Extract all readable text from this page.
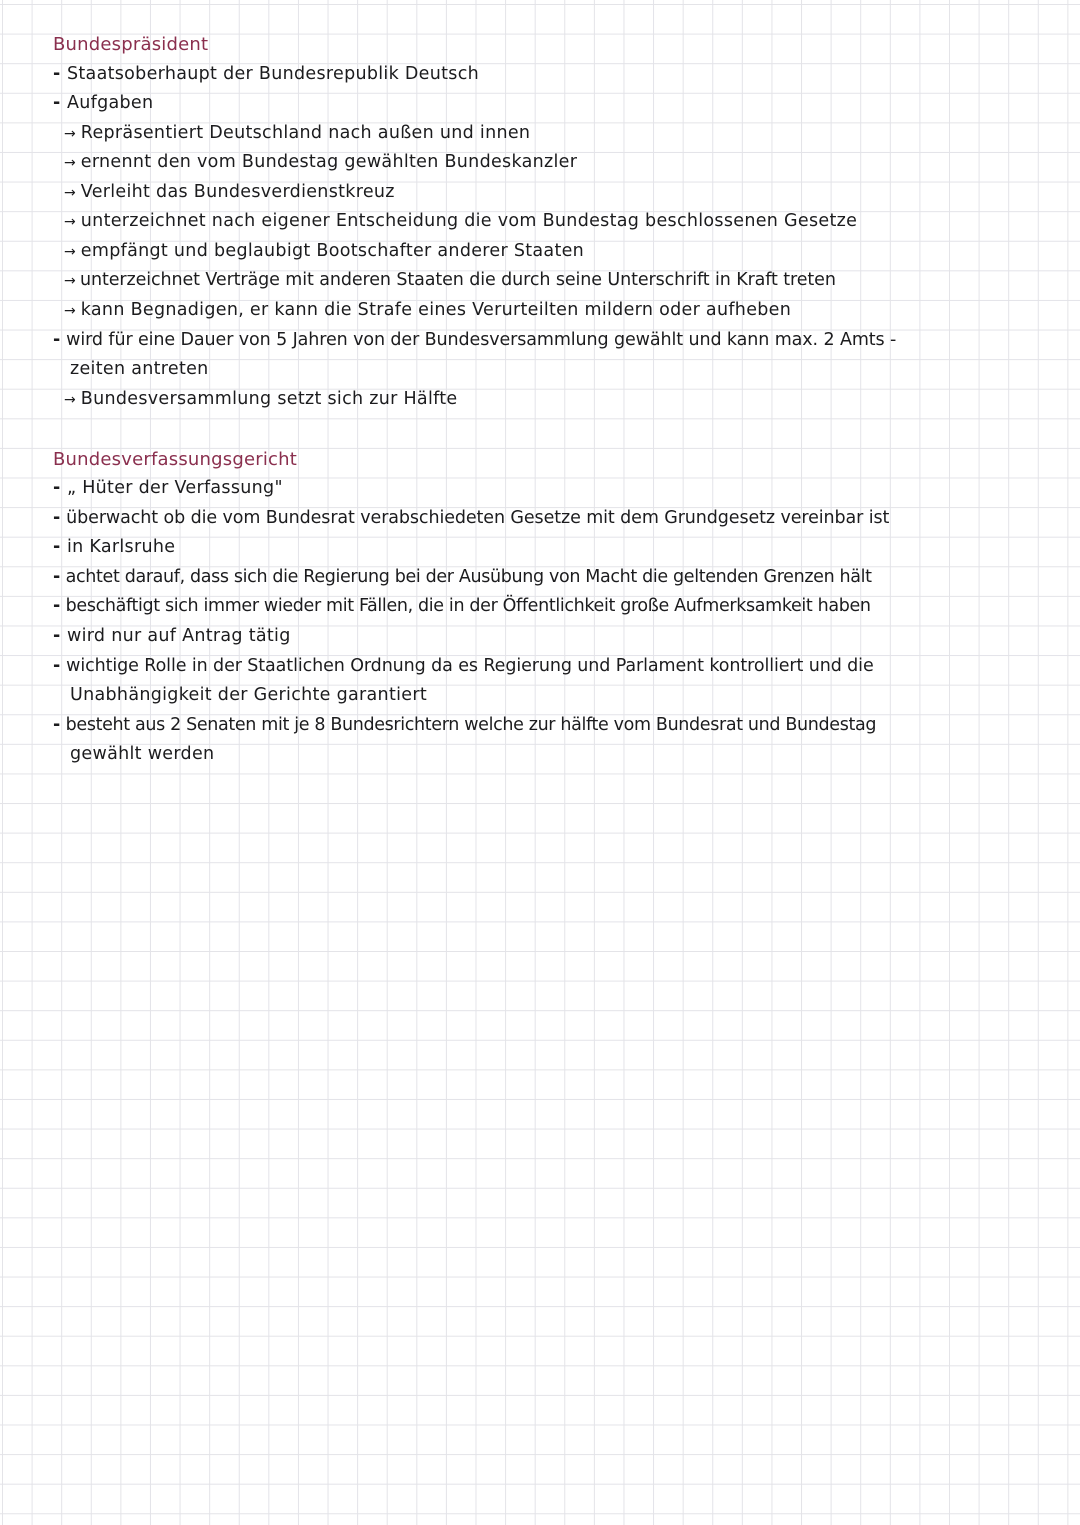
Bundespräsident
- Staatsoberhaupt der Bundesrepublik Deutsch
- Aufgaben
→ Repräsentiert Deutschland nach außen und innen
→ ernennt den vom Bundestag gewählten Bundeskanzler
→ Verleiht das Bundesverdienstkreuz
→ unterzeichnet nach eigener Entscheidung die vom Bundestag beschlossenen Gesetze
→ empfängt und beglaubigt Bootschafter anderer Staaten
→ unterzeichnet Verträge mit anderen Staaten die durch seine Unterschrift in Kraft treten
→ kann Begnadigen, er kann die Strafe eines Verurteilten mildern oder aufheben
- wird für eine Dauer von 5 Jahren von der Bundesversammlung gewählt und kann max. 2 Amts -
zeiten antreten
→ Bundesversammlung setzt sich zur Hälfte
Bundesverfassungsgericht
- „ Hüter der Verfassung"
- überwacht ob die vom Bundesrat verabschiedeten Gesetze mit dem Grundgesetz vereinbar ist
- in Karlsruhe
- achtet darauf, dass sich die Regierung bei der Ausübung von Macht die geltenden Grenzen hält
- beschäftigt sich immer wieder mit Fällen, die in der Öffentlichkeit große Aufmerksamkeit haben
- wird nur auf Antrag tätig
- wichtige Rolle in der Staatlichen Ordnung da es Regierung und Parlament kontrolliert und die
Unabhängigkeit der Gerichte garantiert
- besteht aus 2 Senaten mit je 8 Bundesrichtern welche zur hälfte vom Bundesrat und Bundestag
gewählt werden
